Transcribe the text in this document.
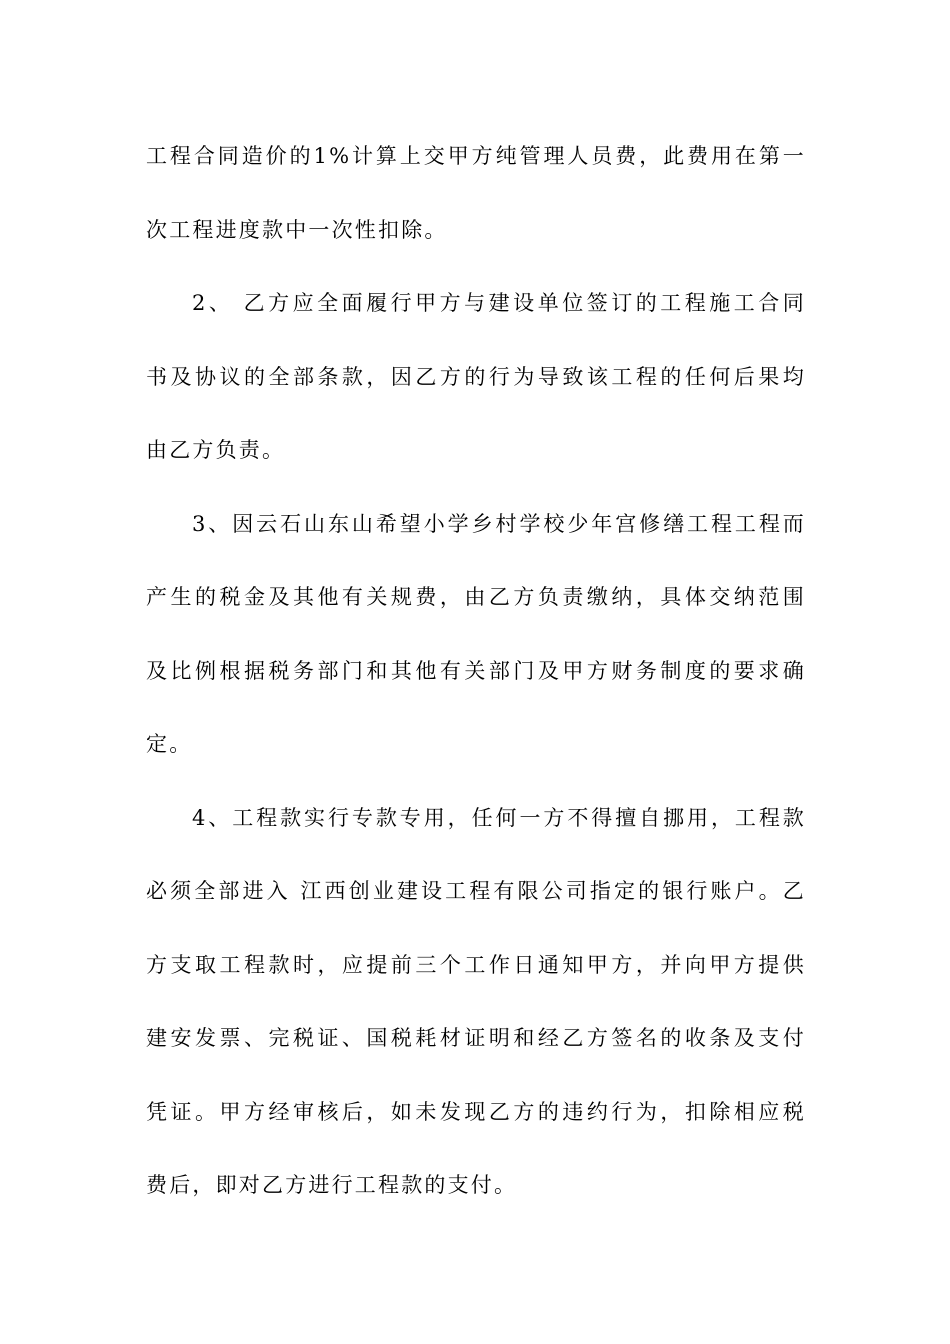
工程合同造价的1%计算上交甲方纯管理人员费，此费用在第一
次工程进度款中一次性扣除。
2、 乙方应全面履行甲方与建设单位签订的工程施工合同
书及协议的全部条款，因乙方的行为导致该工程的任何后果均
由乙方负责。
3、因云石山东山希望小学乡村学校少年宫修缮工程工程而
产生的税金及其他有关规费，由乙方负责缴纳，具体交纳范围
及比例根据税务部门和其他有关部门及甲方财务制度的要求确
定。
4、工程款实行专款专用，任何一方不得擅自挪用，工程款
必须全部进入 江西创业建设工程有限公司指定的银行账户。乙
方支取工程款时，应提前三个工作日通知甲方，并向甲方提供
建安发票、完税证、国税耗材证明和经乙方签名的收条及支付
凭证。甲方经审核后，如未发现乙方的违约行为，扣除相应税
费后，即对乙方进行工程款的支付。
